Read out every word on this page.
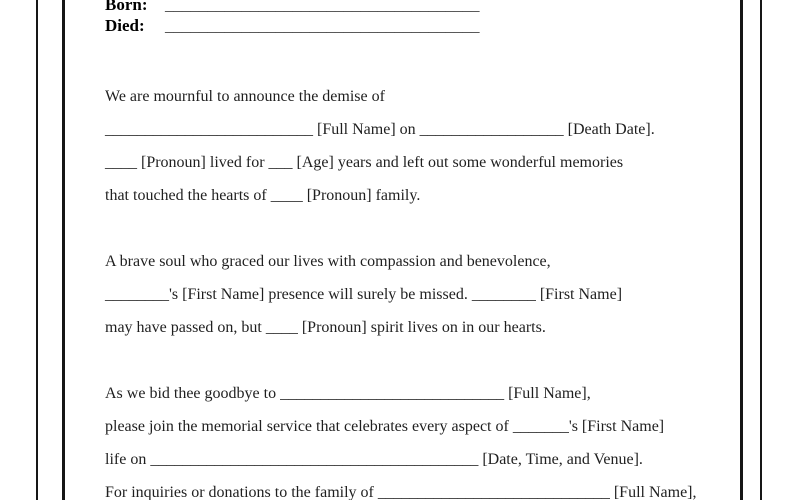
Born: _____________________________________
Died: _____________________________________
We are mournful to announce the demise of
__________________________ [Full Name] on __________________ [Death Date].
____ [Pronoun] lived for ___ [Age] years and left out some wonderful memories
that touched the hearts of ____ [Pronoun] family.
A brave soul who graced our lives with compassion and benevolence,
________'s [First Name] presence will surely be missed. ________ [First Name]
may have passed on, but ____ [Pronoun] spirit lives on in our hearts.
As we bid thee goodbye to ____________________________ [Full Name],
please join the memorial service that celebrates every aspect of _______'s [First Name]
life on _________________________________________ [Date, Time, and Venue].
For inquiries or donations to the family of _____________________________ [Full Name],
